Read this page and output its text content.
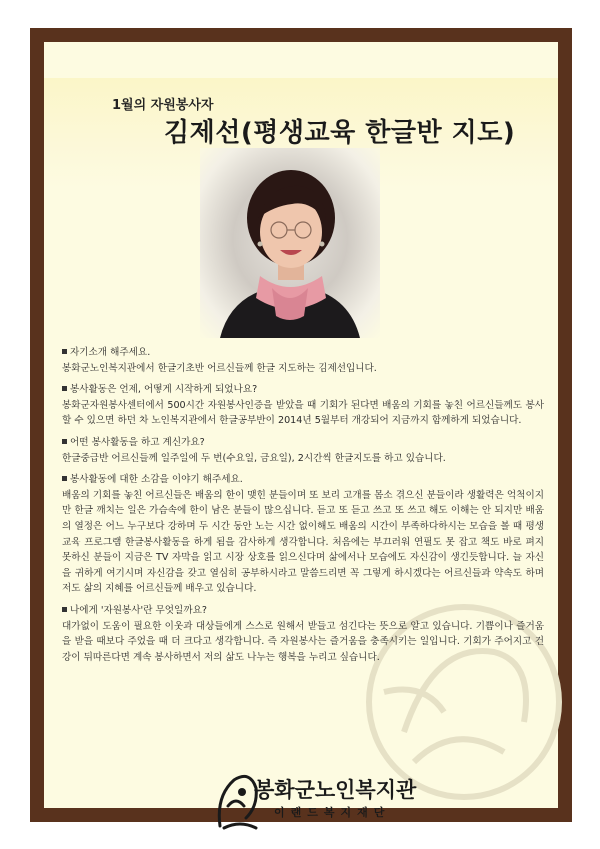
1월의 자원봉사자
김제선(평생교육 한글반 지도)
자기소개 해주세요.
봉화군노인복지관에서 한글기초반 어르신들께 한글 지도하는 김제선입니다.
봉사활동은 언제, 어떻게 시작하게 되었나요?
봉화군자원봉사센터에서 500시간 자원봉사인증을 받았을 때 기회가 된다면 배움의 기회를 놓친 어르신들께도 봉사할 수 있으면 하던 차 노인복지관에서 한글공부반이 2014년 5월부터 개강되어 지금까지 함께하게 되었습니다.
어떤 봉사활동을 하고 계신가요?
한글중급반 어르신들께 일주일에 두 번(수요일, 금요일), 2시간씩 한글지도를 하고 있습니다.
봉사활동에 대한 소감을 이야기 해주세요.
배움의 기회를 놓친 어르신들은 배움의 한이 맺힌 분들이며 또 보리 고개를 몸소 겪으신 분들이라 생활력은 억척이지만 한글 깨치는 일은 가슴속에 한이 남은 분들이 많으십니다. 듣고 또 듣고 쓰고 또 쓰고 해도 이해는 안 되지만 배움의 열정은 어느 누구보다 강하며 두 시간 동안 노는 시간 없이해도 배움의 시간이 부족하다하시는 모습을 볼 때 평생교육 프로그램 한글봉사활동을 하게 됨을 감사하게 생각합니다. 처음에는 부끄러워 연필도 못 잡고 책도 바로 펴지 못하신 분들이 지금은 TV 자막을 읽고 시장 상호를 읽으신다며 삶에서나 모습에도 자신감이 생긴듯합니다. 늘 자신을 귀하게 여기시며 자신감을 갖고 열심히 공부하시라고 말씀드리면 꼭 그렇게 하시겠다는 어르신들과 약속도 하며 저도 삶의 지혜를 어르신들께 배우고 있습니다.
나에게 '자원봉사'란 무엇일까요?
대가없이 도움이 필요한 이웃과 대상들에게 스스로 원해서 받들고 섬긴다는 뜻으로 알고 있습니다. 기쁨이나 즐거움을 받을 때보다 주었을 때 더 크다고 생각합니다. 즉 자원봉사는 즐거움을 충족시키는 일입니다. 기회가 주어지고 건강이 뒤따른다면 계속 봉사하면서 저의 삶도 나누는 행복을 누리고 싶습니다.
봉화군노인복지관
이랜드복지재단
